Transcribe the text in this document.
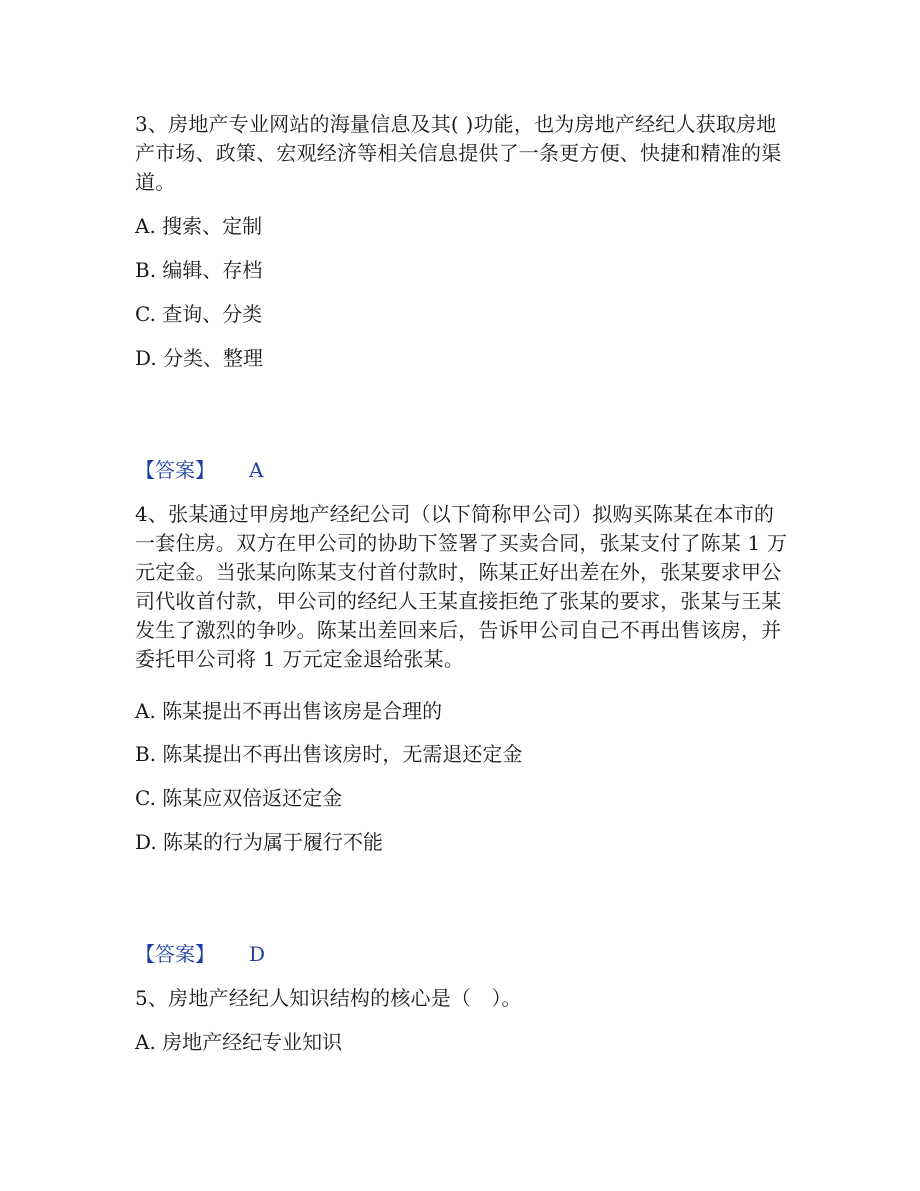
3、房地产专业网站的海量信息及其( )功能，也为房地产经纪人获取房地产市场、政策、宏观经济等相关信息提供了一条更方便、快捷和精准的渠道。

A. 搜索、定制

B. 编辑、存档

C. 查询、分类

D. 分类、整理

【答案】 A

4、张某通过甲房地产经纪公司（以下简称甲公司）拟购买陈某在本市的一套住房。双方在甲公司的协助下签署了买卖合同，张某支付了陈某 1 万元定金。当张某向陈某支付首付款时，陈某正好出差在外，张某要求甲公司代收首付款，甲公司的经纪人王某直接拒绝了张某的要求，张某与王某发生了激烈的争吵。陈某出差回来后，告诉甲公司自己不再出售该房，并委托甲公司将 1 万元定金退给张某。

A. 陈某提出不再出售该房是合理的

B. 陈某提出不再出售该房时，无需退还定金

C. 陈某应双倍返还定金

D. 陈某的行为属于履行不能

【答案】 D

5、房地产经纪人知识结构的核心是（　）。

A. 房地产经纪专业知识
